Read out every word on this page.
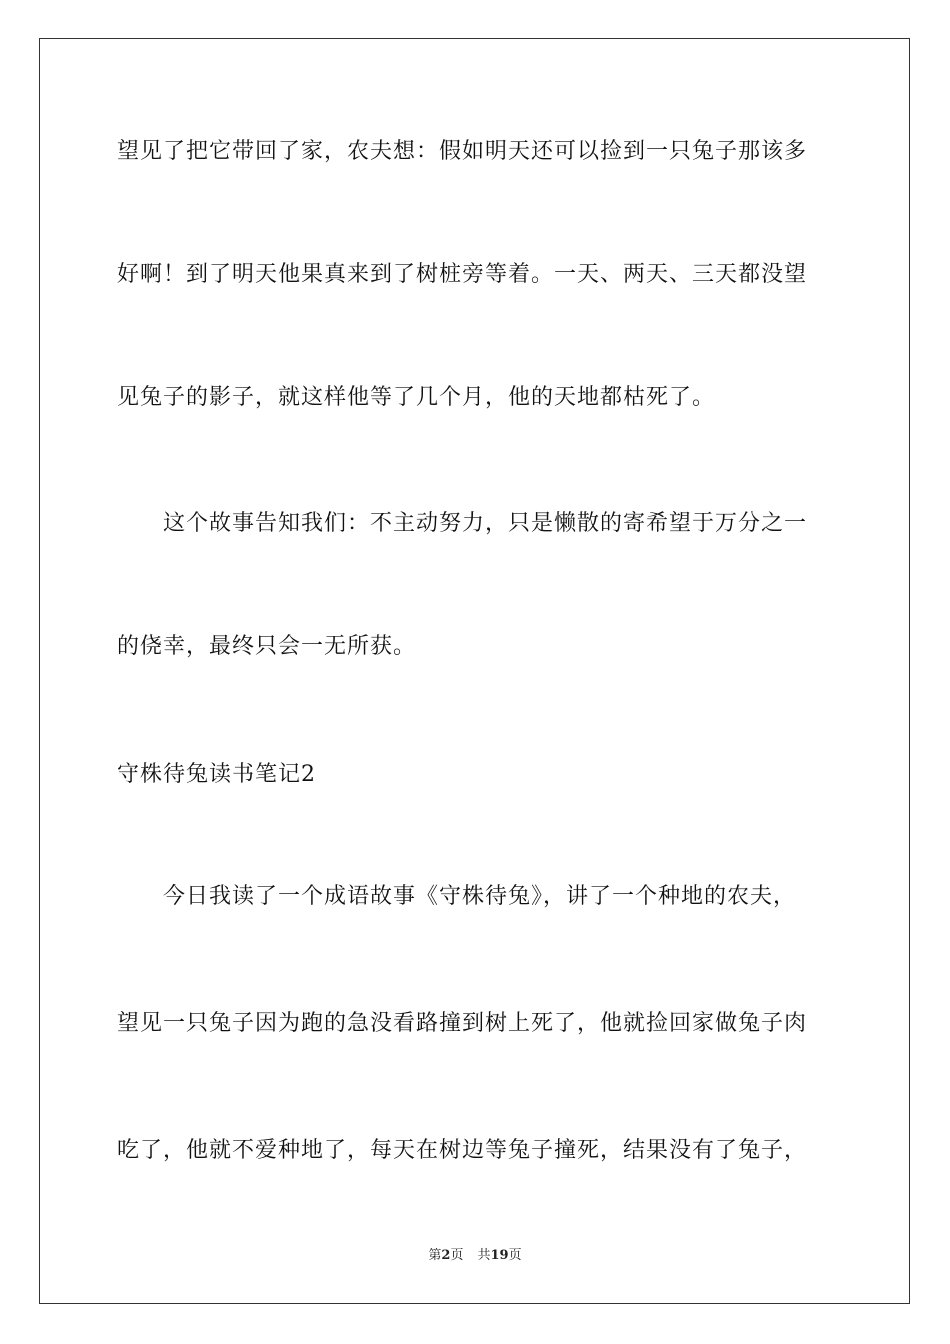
望见了把它带回了家，农夫想：假如明天还可以捡到一只兔子那该多
好啊！到了明天他果真来到了树桩旁等着。一天、两天、三天都没望
见兔子的影子，就这样他等了几个月，他的天地都枯死了。
这个故事告知我们：不主动努力，只是懒散的寄希望于万分之一
的侥幸，最终只会一无所获。
守株待兔读书笔记2
今日我读了一个成语故事《守株待兔》，讲了一个种地的农夫，
望见一只兔子因为跑的急没看路撞到树上死了，他就捡回家做兔子肉
吃了，他就不爱种地了，每天在树边等兔子撞死，结果没有了兔子，
第2页 共19页
